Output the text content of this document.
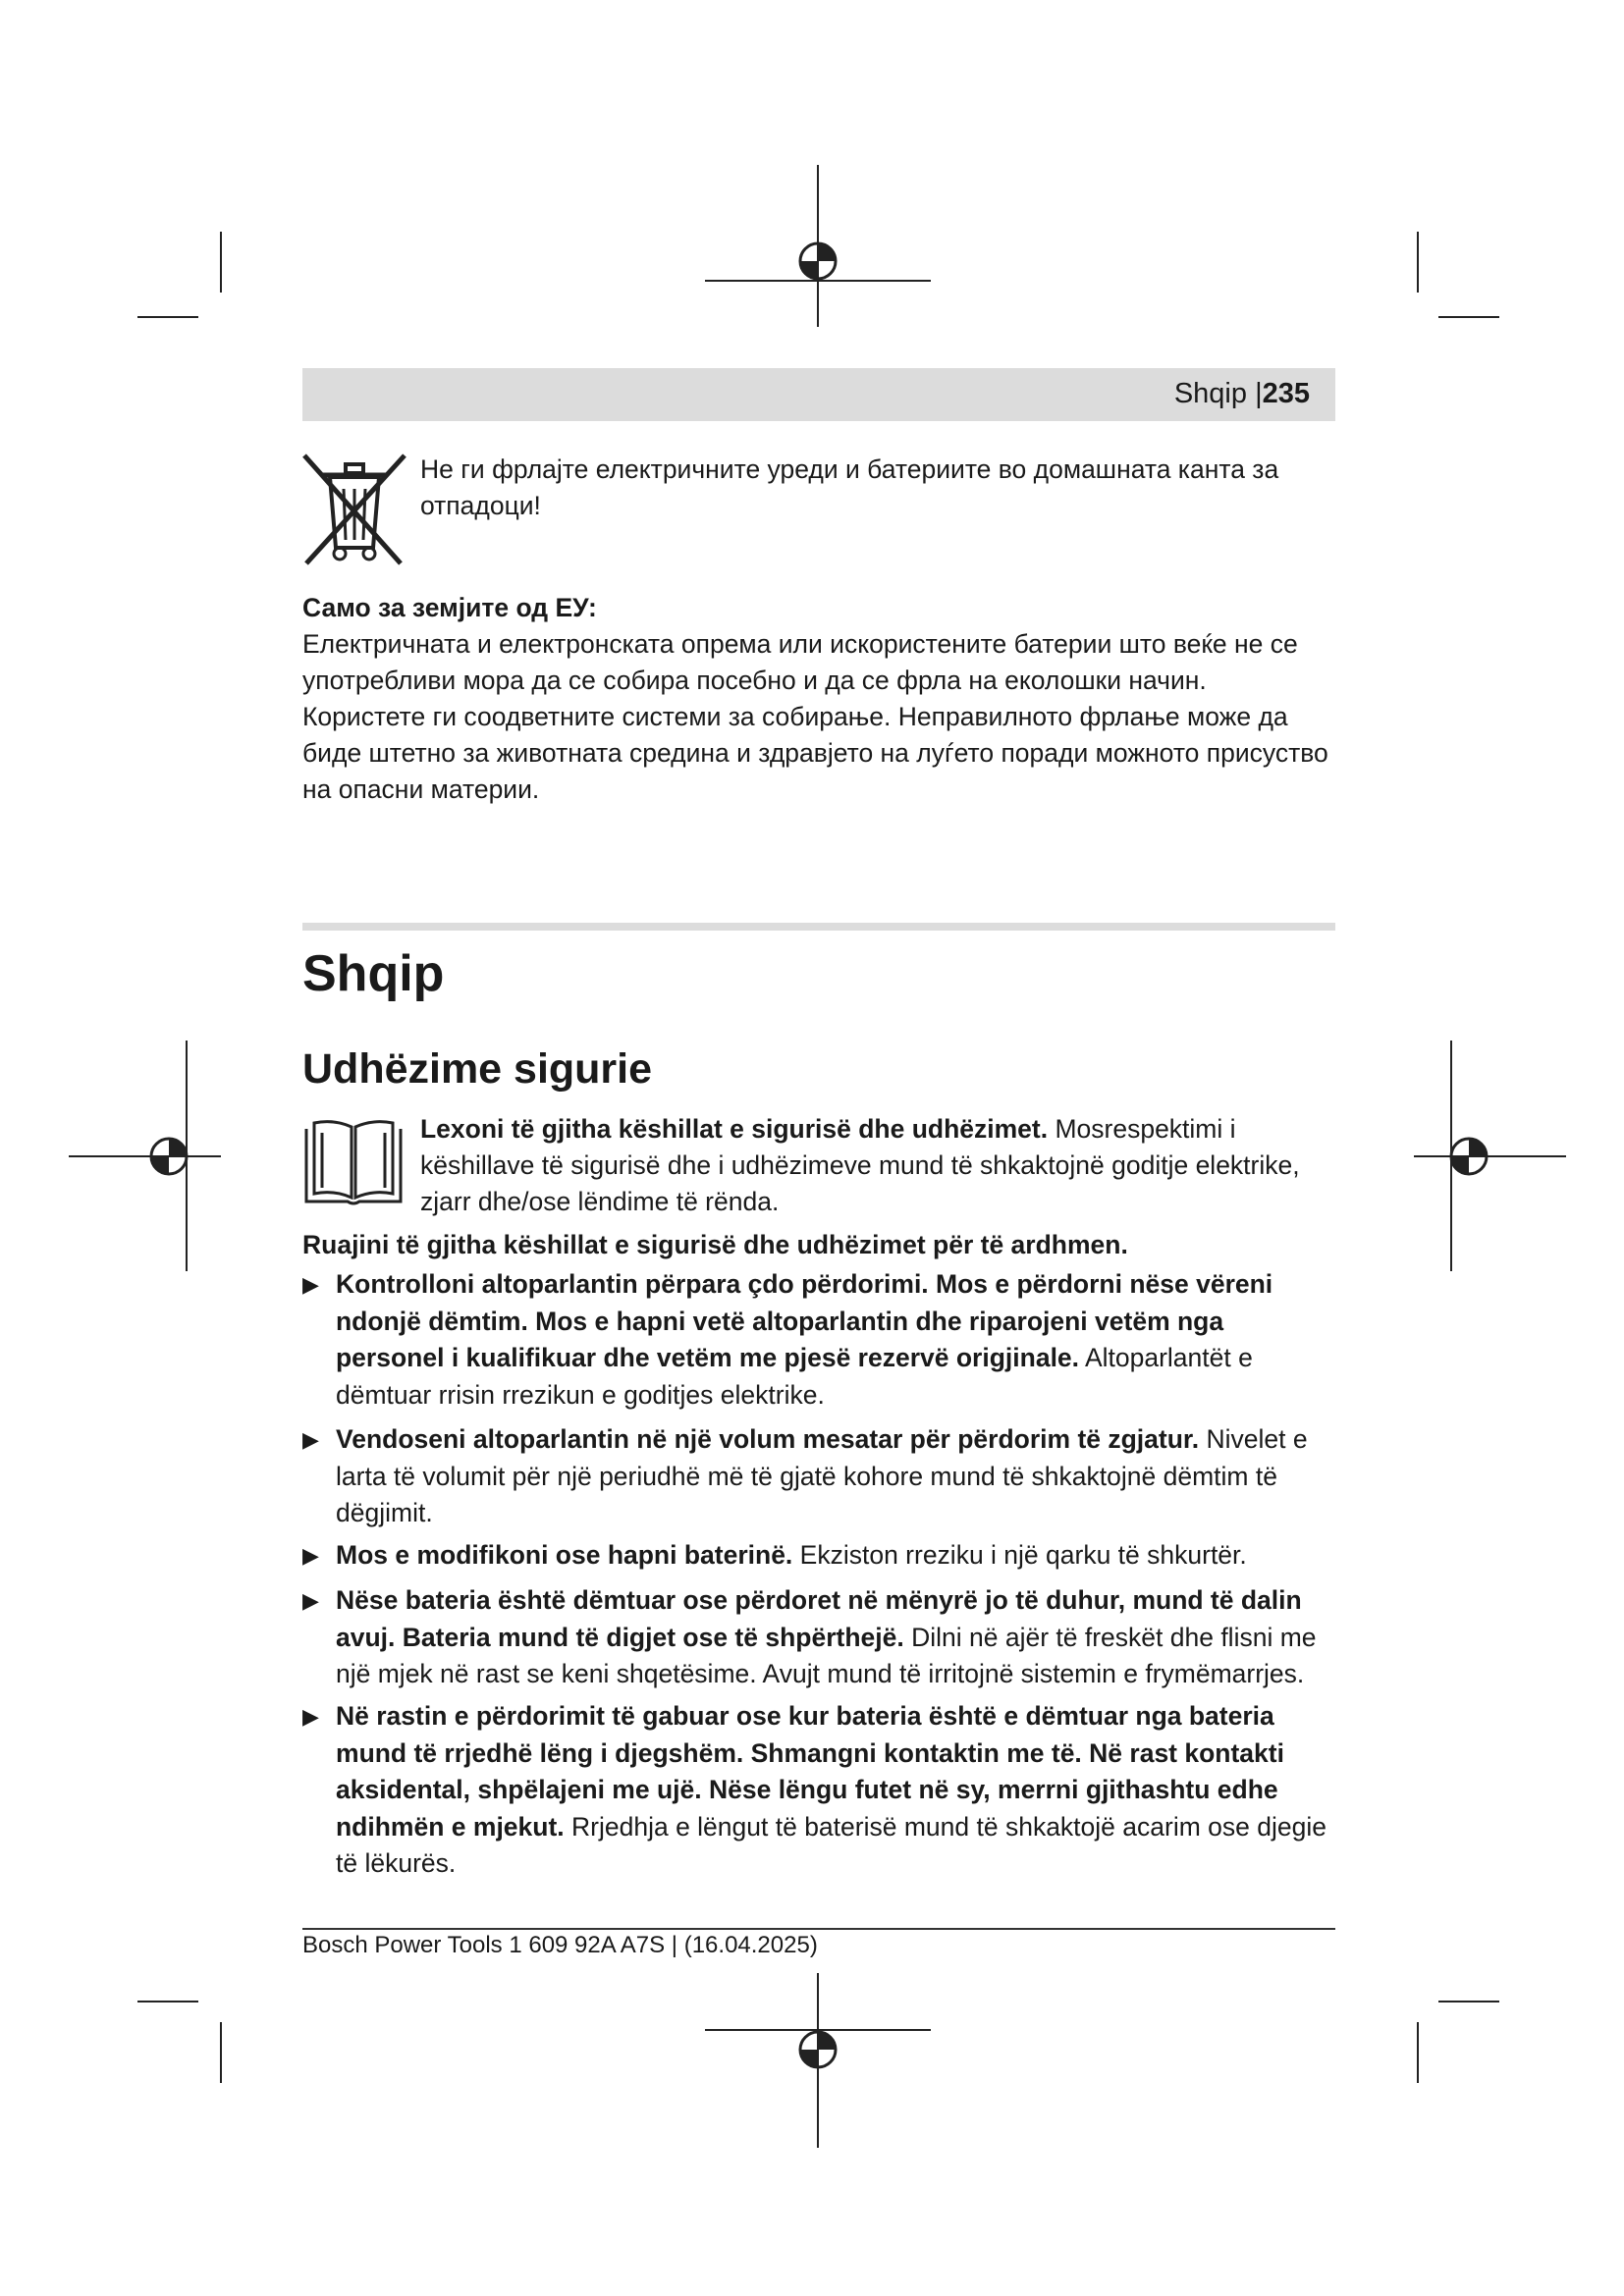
Shqip |235
Не ги фрлајте електричните уреди и батериите во домашната канта за отпадоци!
Само за земјите од ЕУ:
Електричната и електронската опрема или искористените батерии што веќе не се употребливи мора да се собира посебно и да се фрла на еколошки начин. Користете ги соодветните системи за собирање. Неправилното фрлање може да биде штетно за животната средина и здравјето на луѓето поради можното присуство на опасни материи.
Shqip
Udhëzime sigurie
Lexoni të gjitha këshillat e sigurisë dhe udhëzimet. Mosrespektimi i këshillave të sigurisë dhe i udhëzimeve mund të shkaktojnë goditje elektrike, zjarr dhe/ose lëndime të rënda.
Ruajini të gjitha këshillat e sigurisë dhe udhëzimet për të ardhmen.
▶ Kontrolloni altoparlantin përpara çdo përdorimi. Mos e përdorni nëse vëreni ndonjë dëmtim. Mos e hapni vetë altoparlantin dhe riparojeni vetëm nga personel i kualifikuar dhe vetëm me pjesë rezervë origjinale. Altoparlantët e dëmtuar rrisin rrezikun e goditjes elektrike.
▶ Vendoseni altoparlantin në një volum mesatar për përdorim të zgjatur. Nivelet e larta të volumit për një periudhë më të gjatë kohore mund të shkaktojnë dëmtim të dëgjimit.
▶ Mos e modifikoni ose hapni baterinë. Ekziston rreziku i një qarku të shkurtër.
▶ Nëse bateria është dëmtuar ose përdoret në mënyrë jo të duhur, mund të dalin avuj. Bateria mund të digjet ose të shpërthejë. Dilni në ajër të freskët dhe flisni me një mjek në rast se keni shqetësime. Avujt mund të irritojnë sistemin e frymëmarrjes.
▶ Në rastin e përdorimit të gabuar ose kur bateria është e dëmtuar nga bateria mund të rrjedhë lëng i djegshëm. Shmangni kontaktin me të. Në rast kontakti aksidental, shpëlajeni me ujë. Nëse lëngu futet në sy, merrni gjithashtu edhe ndihmën e mjekut. Rrjedhja e lëngut të baterisë mund të shkaktojë acarim ose djegie të lëkurës.
Bosch Power Tools 1 609 92A A7S | (16.04.2025)
